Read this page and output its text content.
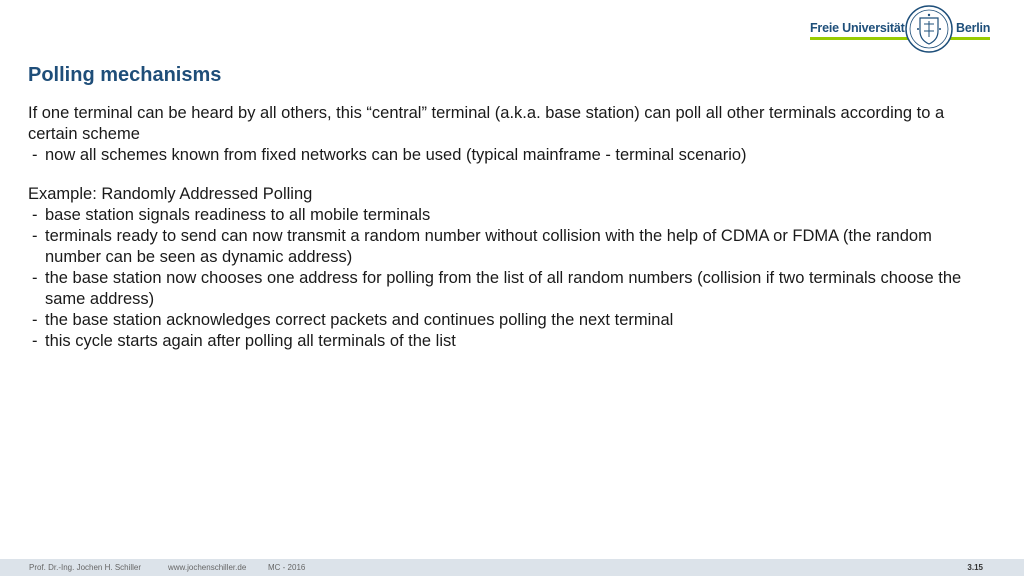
Freie Universität	Berlin
Polling mechanisms

If one terminal can be heard by all others, this “central” terminal (a.k.a. base station) can poll all other terminals according to a certain scheme

- now all schemes known from fixed networks can be used (typical mainframe - terminal scenario)

Example: Randomly Addressed Polling

- base station signals readiness to all mobile terminals
- terminals ready to send can now transmit a random number without collision with the help of CDMA or FDMA (the random number can be seen as dynamic address)
- the base station now chooses one address for polling from the list of all random numbers (collision if two terminals choose the same address)
- the base station acknowledges correct packets and continues polling the next terminal
- this cycle starts again after polling all terminals of the list
Prof. Dr.-Ing. Jochen H. Schiller	www.jochenschiller.de	MC - 2016	3.15
